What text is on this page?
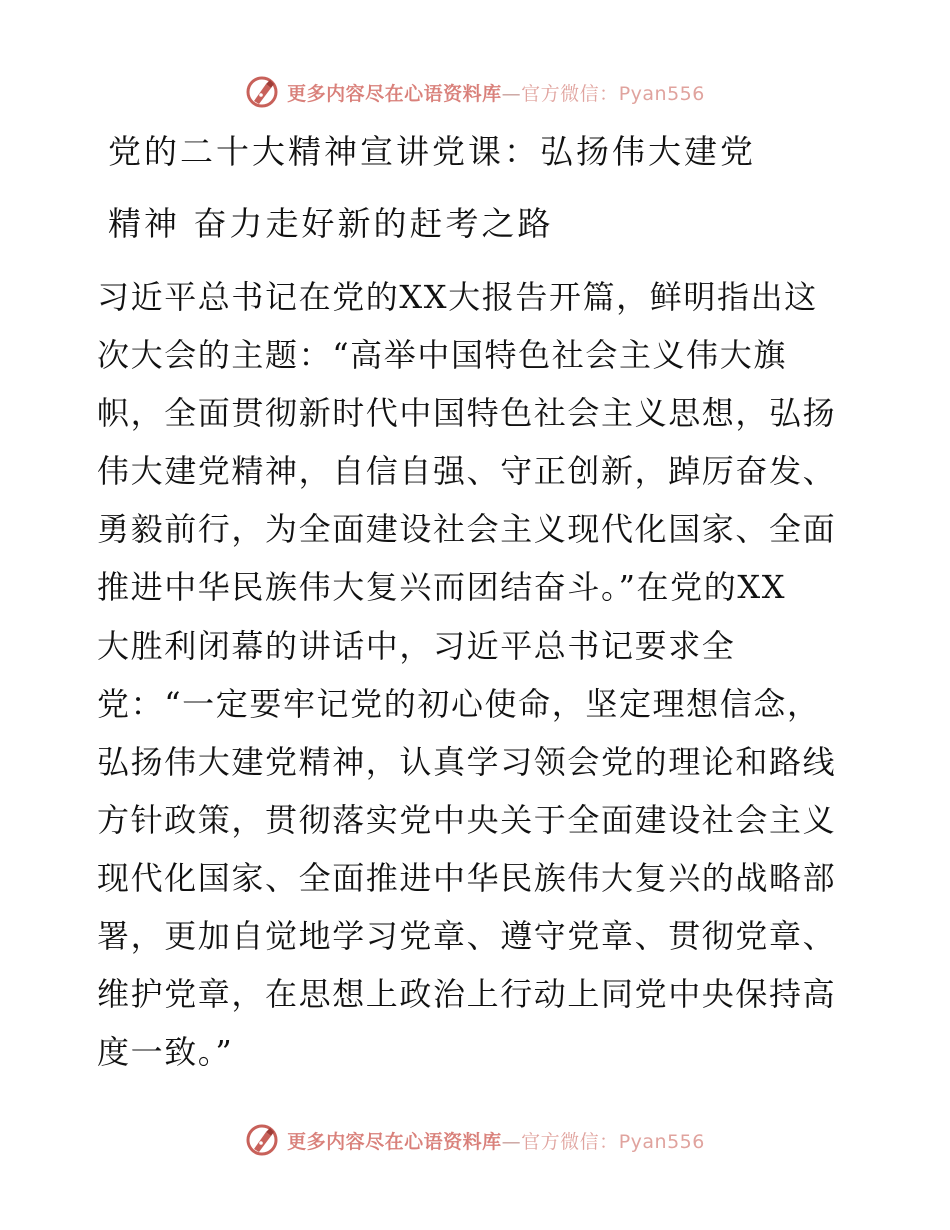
更多内容尽在心语资料库—官方微信：Pyan556
党的二十大精神宣讲党课：弘扬伟大建党
精神 奋力走好新的赶考之路
习近平总书记在党的XX大报告开篇，鲜明指出这
次大会的主题：“高举中国特色社会主义伟大旗
帜，全面贯彻新时代中国特色社会主义思想，弘扬
伟大建党精神，自信自强、守正创新，踔厉奋发、
勇毅前行，为全面建设社会主义现代化国家、全面
推进中华民族伟大复兴而团结奋斗。”在党的XX
大胜利闭幕的讲话中，习近平总书记要求全
党：“一定要牢记党的初心使命，坚定理想信念，
弘扬伟大建党精神，认真学习领会党的理论和路线
方针政策，贯彻落实党中央关于全面建设社会主义
现代化国家、全面推进中华民族伟大复兴的战略部
署，更加自觉地学习党章、遵守党章、贯彻党章、
维护党章，在思想上政治上行动上同党中央保持高
度一致。”
更多内容尽在心语资料库—官方微信：Pyan556
